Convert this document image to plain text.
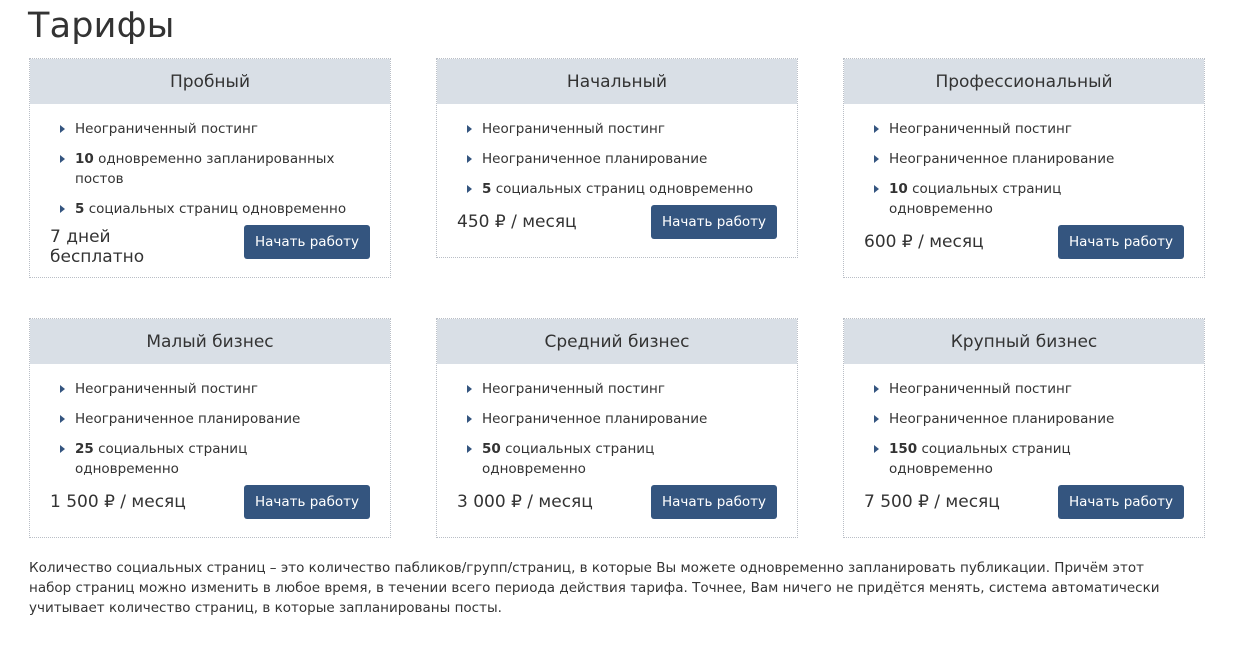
Тарифы
Пробный
Неограниченный постинг
10 одновременно запланированных постов
5 социальных страниц одновременно
7 дней
бесплатно
Начать работу
Начальный
Неограниченный постинг
Неограниченное планирование
5 социальных страниц одновременно
450 ₽ / месяц	Начать работу
Профессиональный
Неограниченный постинг
Неограниченное планирование
10 социальных страниц одновременно
600 ₽ / месяц	Начать работу
Малый бизнес
Неограниченный постинг
Неограниченное планирование
25 социальных страниц одновременно
1 500 ₽ / месяц	Начать работу
Средний бизнес
Неограниченный постинг
Неограниченное планирование
50 социальных страниц одновременно
3 000 ₽ / месяц	Начать работу
Крупный бизнес
Неограниченный постинг
Неограниченное планирование
150 социальных страниц одновременно
7 500 ₽ / месяц	Начать работу

Количество социальных страниц – это количество пабликов/групп/страниц, в которые Вы можете одновременно запланировать публикации. Причём этот набор страниц можно изменить в любое время, в течении всего периода действия тарифа. Точнее, Вам ничего не придётся менять, система автоматически учитывает количество страниц, в которые запланированы посты.
